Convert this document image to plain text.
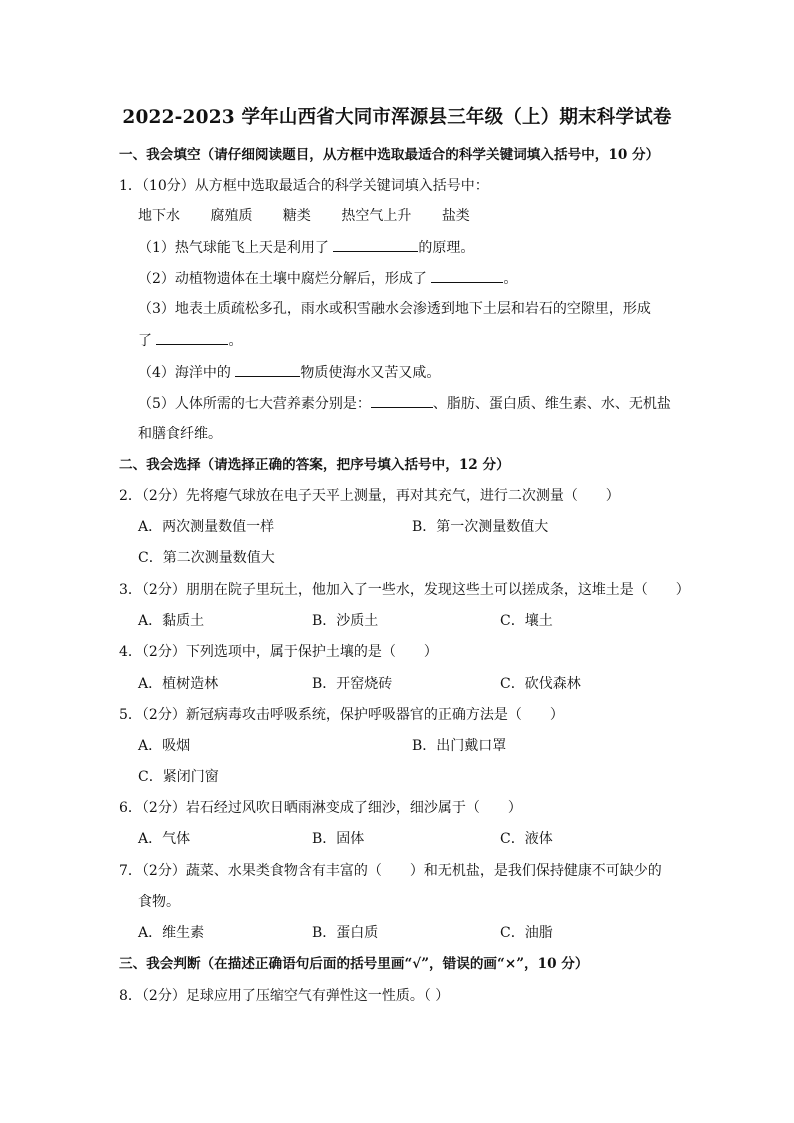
2022-2023 学年山西省大同市浑源县三年级（上）期末科学试卷
一、我会填空（请仔细阅读题目，从方框中选取最适合的科学关键词填入括号中，10 分）
1．（10分）从方框中选取最适合的科学关键词填入括号中：
地下水 腐殖质 糖类 热空气上升 盐类
（1）热气球能飞上天是利用了	的原理。
（2）动植物遗体在土壤中腐烂分解后，形成了	。
（3）地表土质疏松多孔，雨水或积雪融水会渗透到地下土层和岩石的空隙里，形成
了	。
（4）海洋中的	物质使海水又苦又咸。
（5）人体所需的七大营养素分别是：	、脂肪、蛋白质、维生素、水、无机盐
和膳食纤维。
二、我会选择（请选择正确的答案，把序号填入括号中，12 分）
2．（2分）先将瘪气球放在电子天平上测量，再对其充气，进行二次测量（　　）
A．两次测量数值一样	B．第一次测量数值大
C．第二次测量数值大
3．（2分）朋朋在院子里玩土，他加入了一些水，发现这些土可以搓成条，这堆土是（　　）
A．黏质土	B．沙质土	C．壤土
4．（2分）下列选项中，属于保护土壤的是（　　）
A．植树造林	B．开窑烧砖	C．砍伐森林
5．（2分）新冠病毒攻击呼吸系统，保护呼吸器官的正确方法是（　　）
A．吸烟	B．出门戴口罩
C．紧闭门窗
6．（2分）岩石经过风吹日晒雨淋变成了细沙，细沙属于（　　）
A．气体	B．固体	C．液体
7．（2分）蔬菜、水果类食物含有丰富的（　　）和无机盐，是我们保持健康不可缺少的
食物。
A．维生素	B．蛋白质	C．油脂
三、我会判断（在描述正确语句后面的括号里画“√”，错误的画“×”，10 分）
8．（2分）足球应用了压缩空气有弹性这一性质。（ ）
